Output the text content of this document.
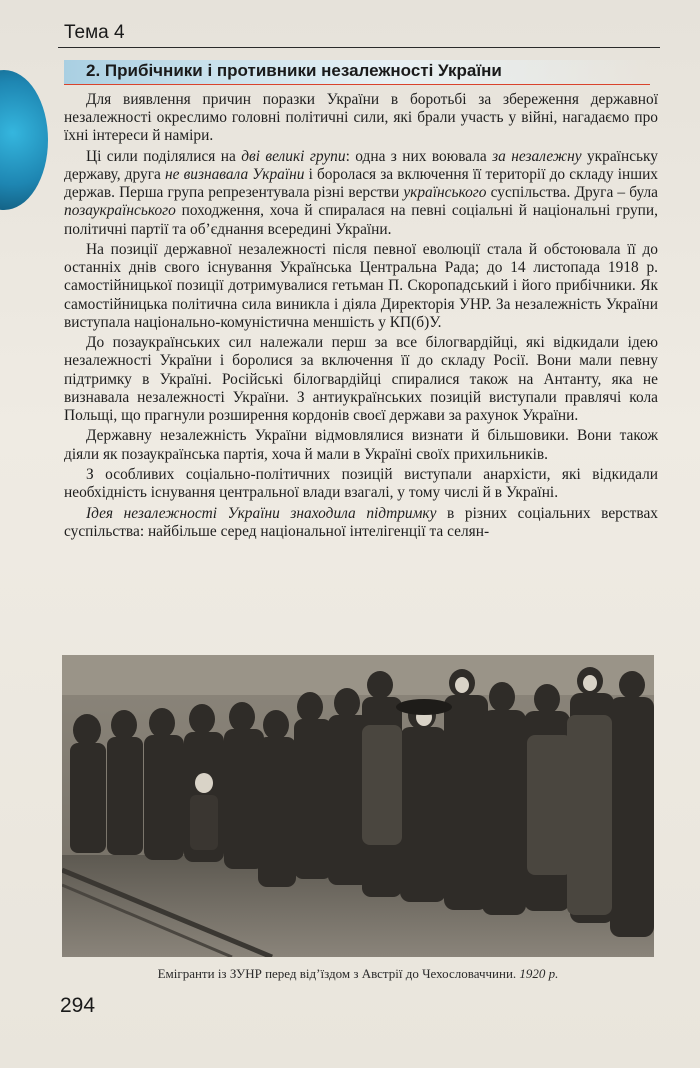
Тема 4
2. Прибічники і противники незалежності України

Для виявлення причин поразки України в боротьбі за збереження державної незалежності окреслимо головні політичні сили, які брали участь у війні, нагадаємо про їхні інтереси й наміри.

Ці сили поділялися на дві великі групи: одна з них воювала за незалежну українську державу, друга не визнавала України і боролася за включення її території до складу інших держав. Перша група репрезентувала різні верстви українського суспільства. Друга – була позаукраїнського походження, хоча й спиралася на певні соціальні й національні групи, політичні партії та об’єднання всередині України.

На позиції державної незалежності після певної еволюції стала й обстоювала її до останніх днів свого існування Українська Центральна Рада; до 14 листопада 1918 р. самостійницької позиції дотримувалися гетьман П. Скоропадський і його прибічники. Як самостійницька політична сила виникла і діяла Директорія УНР. За незалежність України виступала національно-комуністична меншість у КП(б)У.

До позаукраїнських сил належали перш за все білогвардійці, які відкидали ідею незалежності України і боролися за включення її до складу Росії. Вони мали певну підтримку в Україні. Російські білогвардійці спиралися також на Антанту, яка не визнавала незалежності України. З антиукраїнських позицій виступали правлячі кола Польщі, що прагнули розширення кордонів своєї держави за рахунок України.

Державну незалежність України відмовлялися визнати й більшовики. Вони також діяли як позаукраїнська партія, хоча й мали в Україні своїх прихильників.

З особливих соціально-політичних позицій виступали анархісти, які відкидали необхідність існування центральної влади взагалі, у тому числі й в Україні.

Ідея незалежності України знаходила підтримку в різних соціальних верствах суспільства: найбільше серед національної інтелігенції та селян-

Емігранти із ЗУНР перед від’їздом з Австрії до Чехословаччини. 1920 р.
294
